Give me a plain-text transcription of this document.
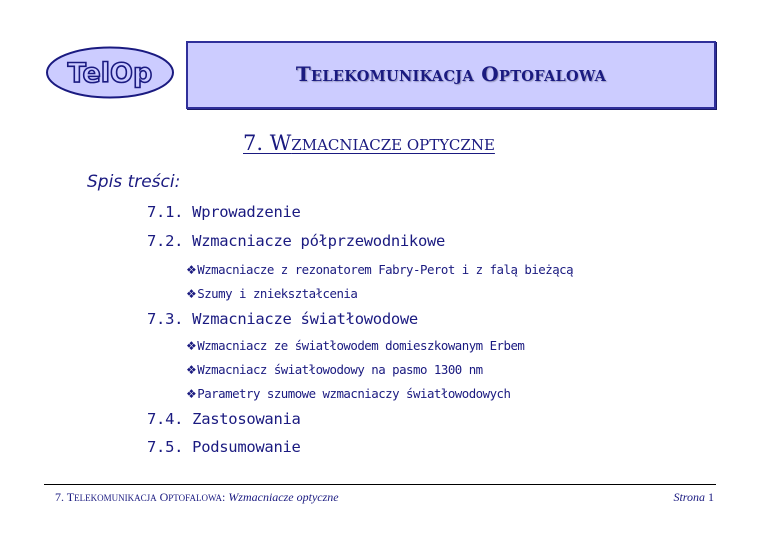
TelOp	TELEKOMUNIKACJA OPTOFALOWA
7. WZMACNIACZE OPTYCZNE
Spis treści:
7.1. Wprowadzenie
7.2. Wzmacniacze półprzewodnikowe
❖Wzmacniacze z rezonatorem Fabry-Perot i z falą bieżącą
❖Szumy i zniekształcenia
7.3. Wzmacniacze światłowodowe
❖Wzmacniacz ze światłowodem domieszkowanym Erbem
❖Wzmacniacz światłowodowy na pasmo 1300 nm
❖Parametry szumowe wzmacniaczy światłowodowych
7.4. Zastosowania
7.5. Podsumowanie
7. TELEKOMUNIKACJA OPTOFALOWA: Wzmacniacze optyczne	Strona 1
